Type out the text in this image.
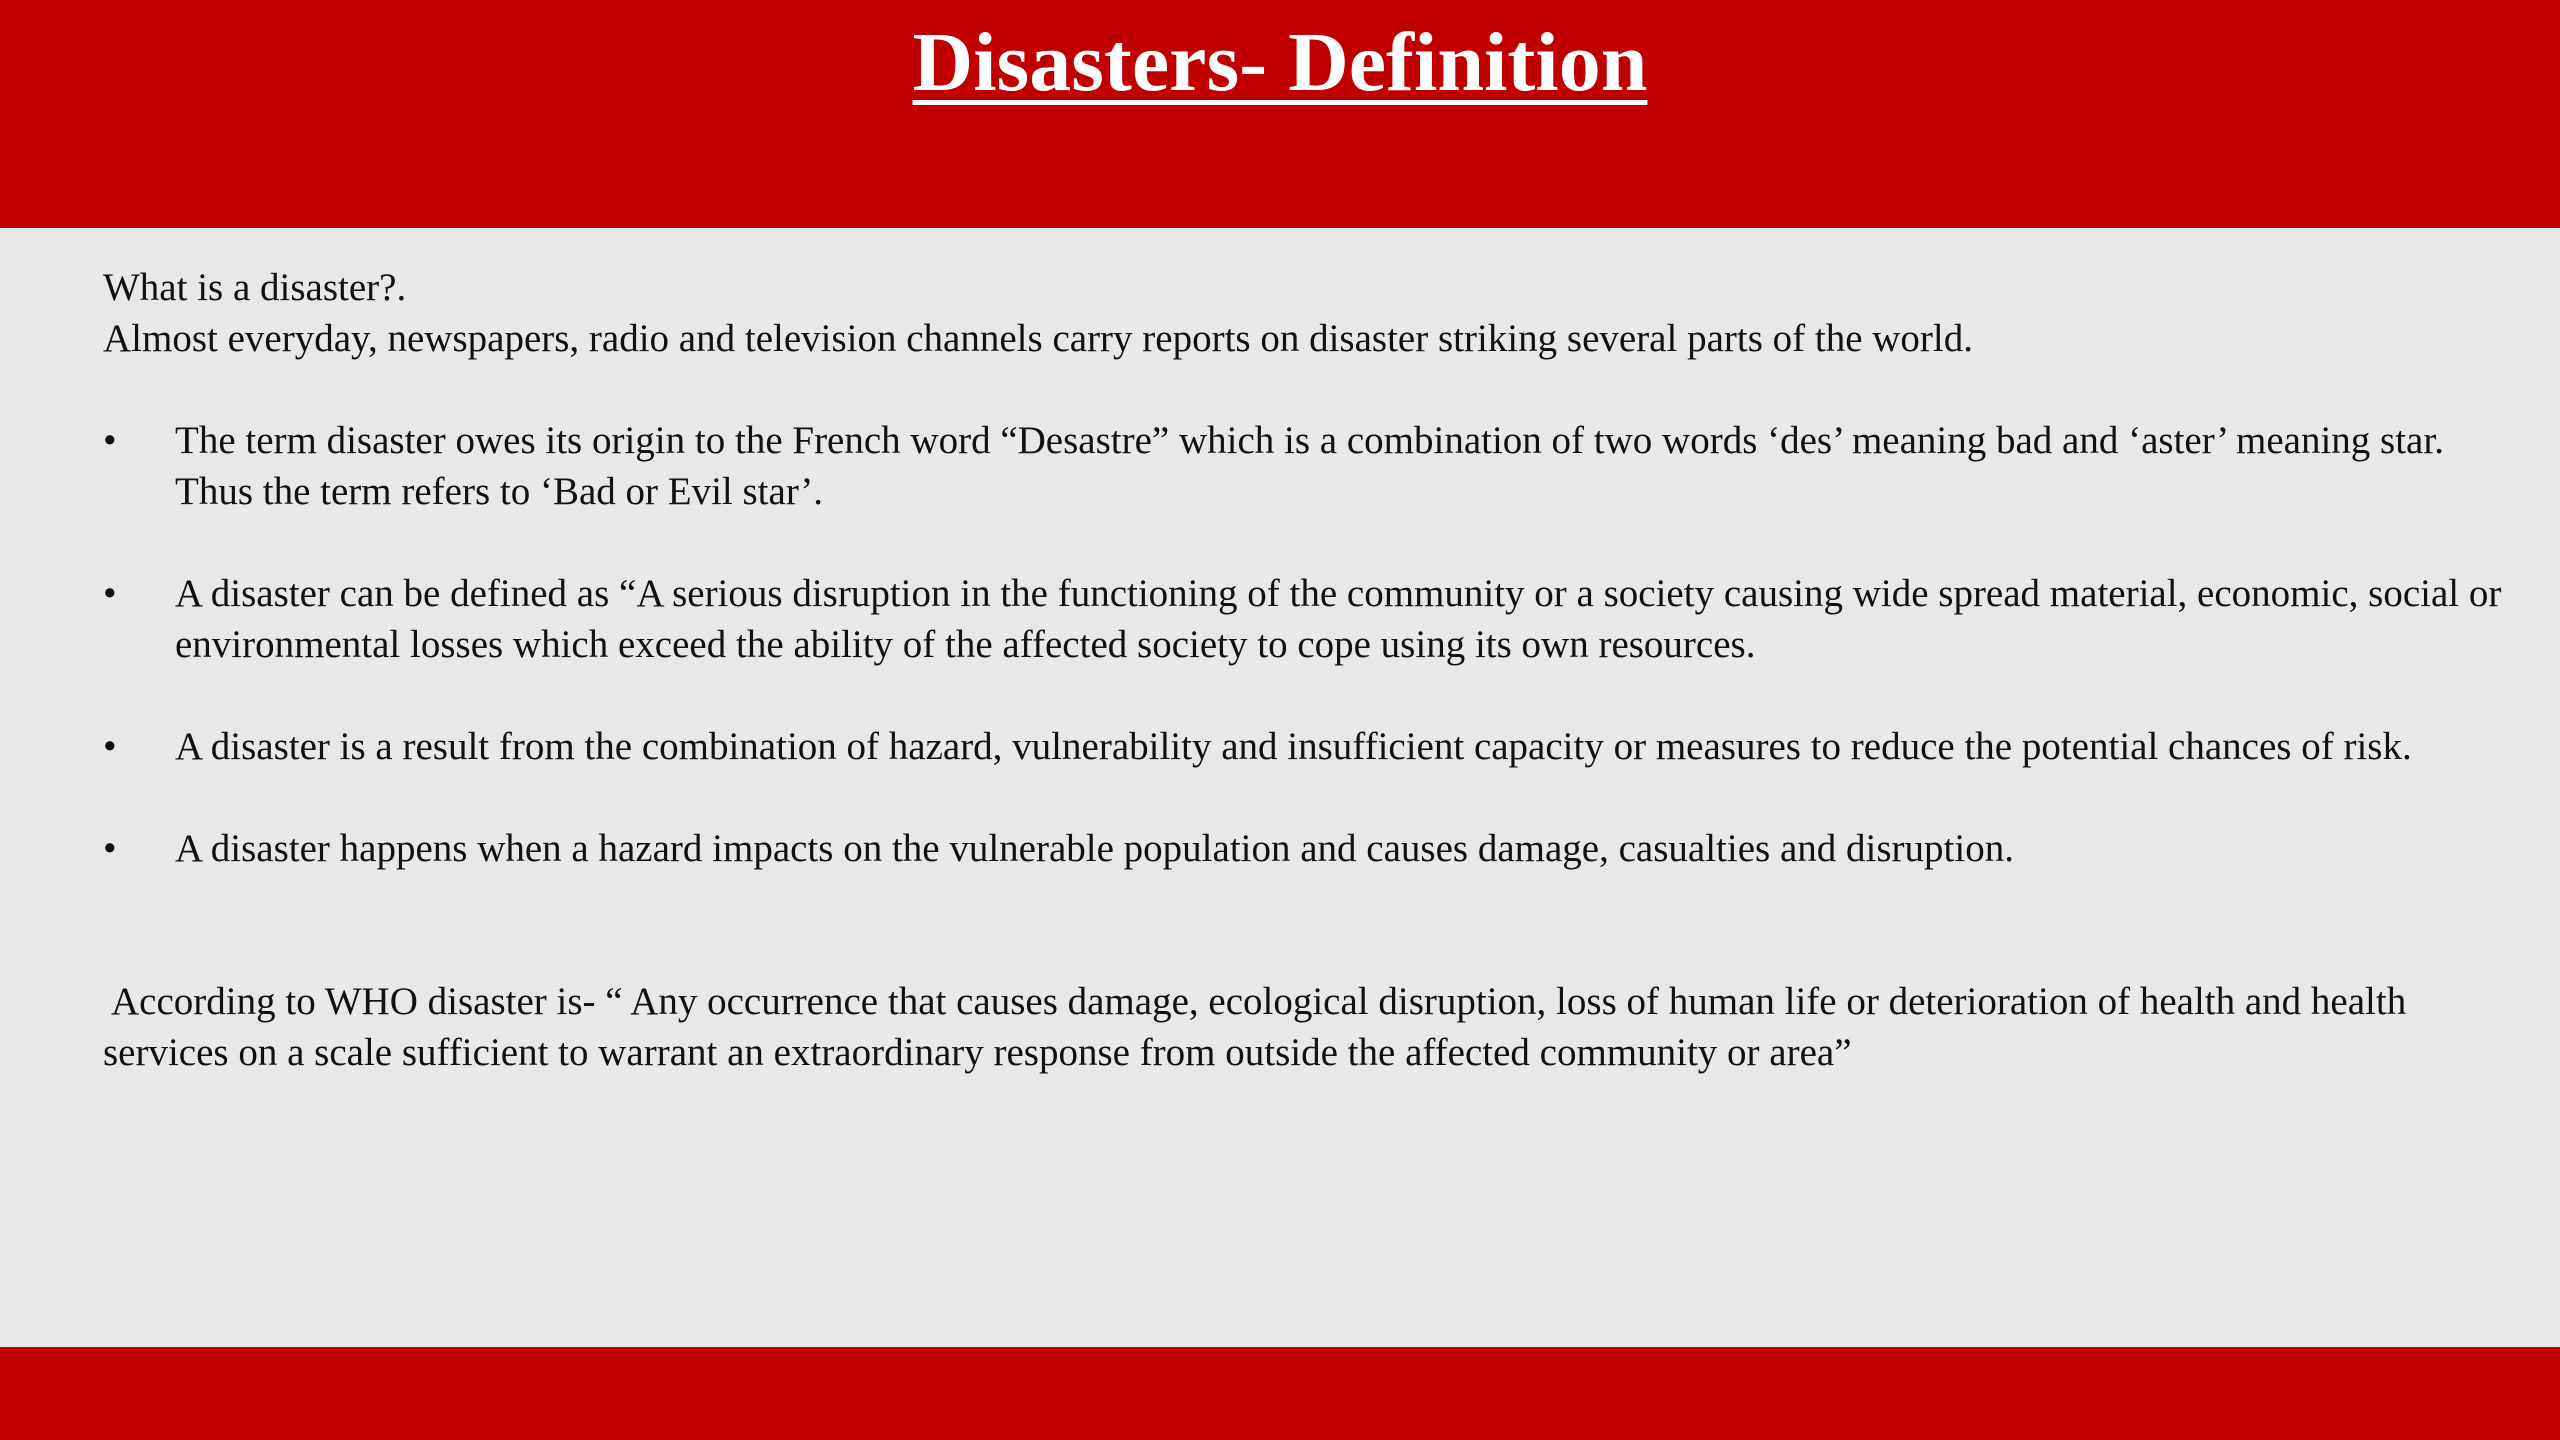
Disasters- Definition

What is a disaster?.

Almost everyday, newspapers, radio and television channels carry reports on disaster striking several parts of the world.

• The term disaster owes its origin to the French word “Desastre” which is a combination of two words ‘des’ meaning bad and ‘aster’ meaning star. Thus the term refers to ‘Bad or Evil star’.
• A disaster can be defined as “A serious disruption in the functioning of the community or a society causing wide spread material, economic, social or environmental losses which exceed the ability of the affected society to cope using its own resources.
• A disaster is a result from the combination of hazard, vulnerability and insufficient capacity or measures to reduce the potential chances of risk.
• A disaster happens when a hazard impacts on the vulnerable population and causes damage, casualties and disruption.

According to WHO disaster is- “ Any occurrence that causes damage, ecological disruption, loss of human life or deterioration of health and health services on a scale sufficient to warrant an extraordinary response from outside the affected community or area”
